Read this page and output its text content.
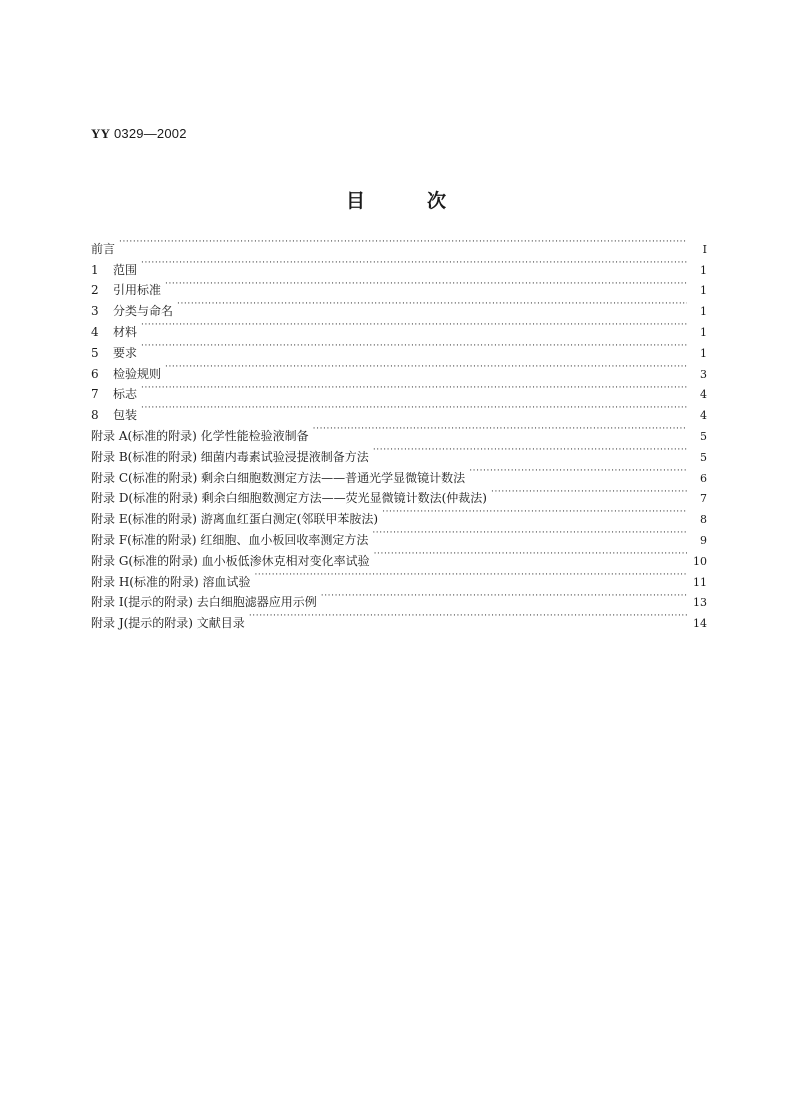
YY 0329—2002
目	次
前言 ·····	I
1 范围 ·····	1
2 引用标准 ·····	1
3 分类与命名 ·····	1
4 材料 ·····	1
5 要求 ·····	1
6 检验规则 ·····	3
7 标志 ·····	4
8 包装 ·····	4
附录 A(标准的附录) 化学性能检验液制备 ·····	5
附录 B(标准的附录) 细菌内毒素试验浸提液制备方法 ·····	5
附录 C(标准的附录) 剩余白细胞数测定方法——普通光学显微镜计数法 ·····	6
附录 D(标准的附录) 剩余白细胞数测定方法——荧光显微镜计数法(仲裁法) ·····	7
附录 E(标准的附录) 游离血红蛋白测定(邻联甲苯胺法) ·····	8
附录 F(标准的附录) 红细胞、血小板回收率测定方法 ·····	9
附录 G(标准的附录) 血小板低渗休克相对变化率试验 ·····	10
附录 H(标准的附录) 溶血试验 ·····	11
附录 I(提示的附录) 去白细胞滤器应用示例 ·····	13
附录 J(提示的附录) 文献目录 ·····	14
